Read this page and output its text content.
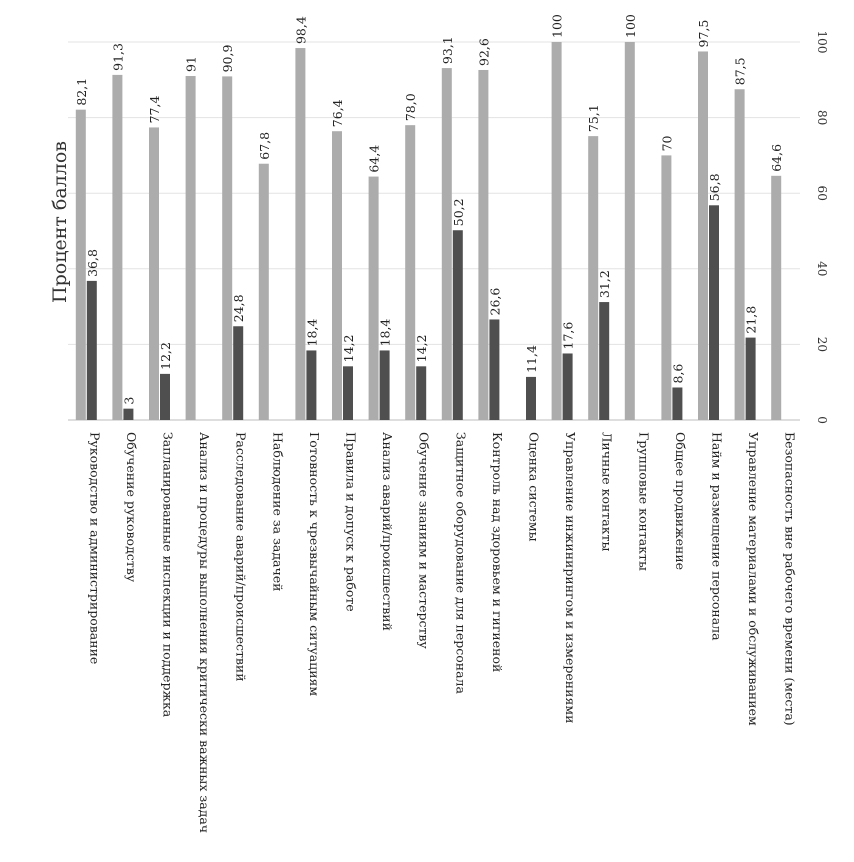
0
20
40
60
80
100
82,1
36,8
91,3
3
77,4
12,2
91 90,9
24,8
67,8
98,4
18,4
76,4
14,2
64,4
18,4
78,0
14,2
93,1
50,2
92,6
26,6
11,4
100
17,6
75,1
31,2
100
70
8,6
97,5
56,8
87,5
21,8
64,6
Руководство и администрирование Обучение руководству Запланированные инспекции и поддержка Анализ и процедуры выполнения критически важных задач Расследование аварий/происшествий Наблюдение за задачей Готовность к чрезвычайным ситуациям Правила и допуск к работе Анализ аварий/происшествий Обучение знаниям и мастерству Защитное оборудование для персонала Контроль над здоровьем и гигиеной Оценка системы Управление инжинирингом и измерениями Личные контакты Групповые контакты Общее продвижение Найм и размещение персонала Управление материалами и обслуживанием Безопасность вне рабочего времени (места)
Процент баллов
